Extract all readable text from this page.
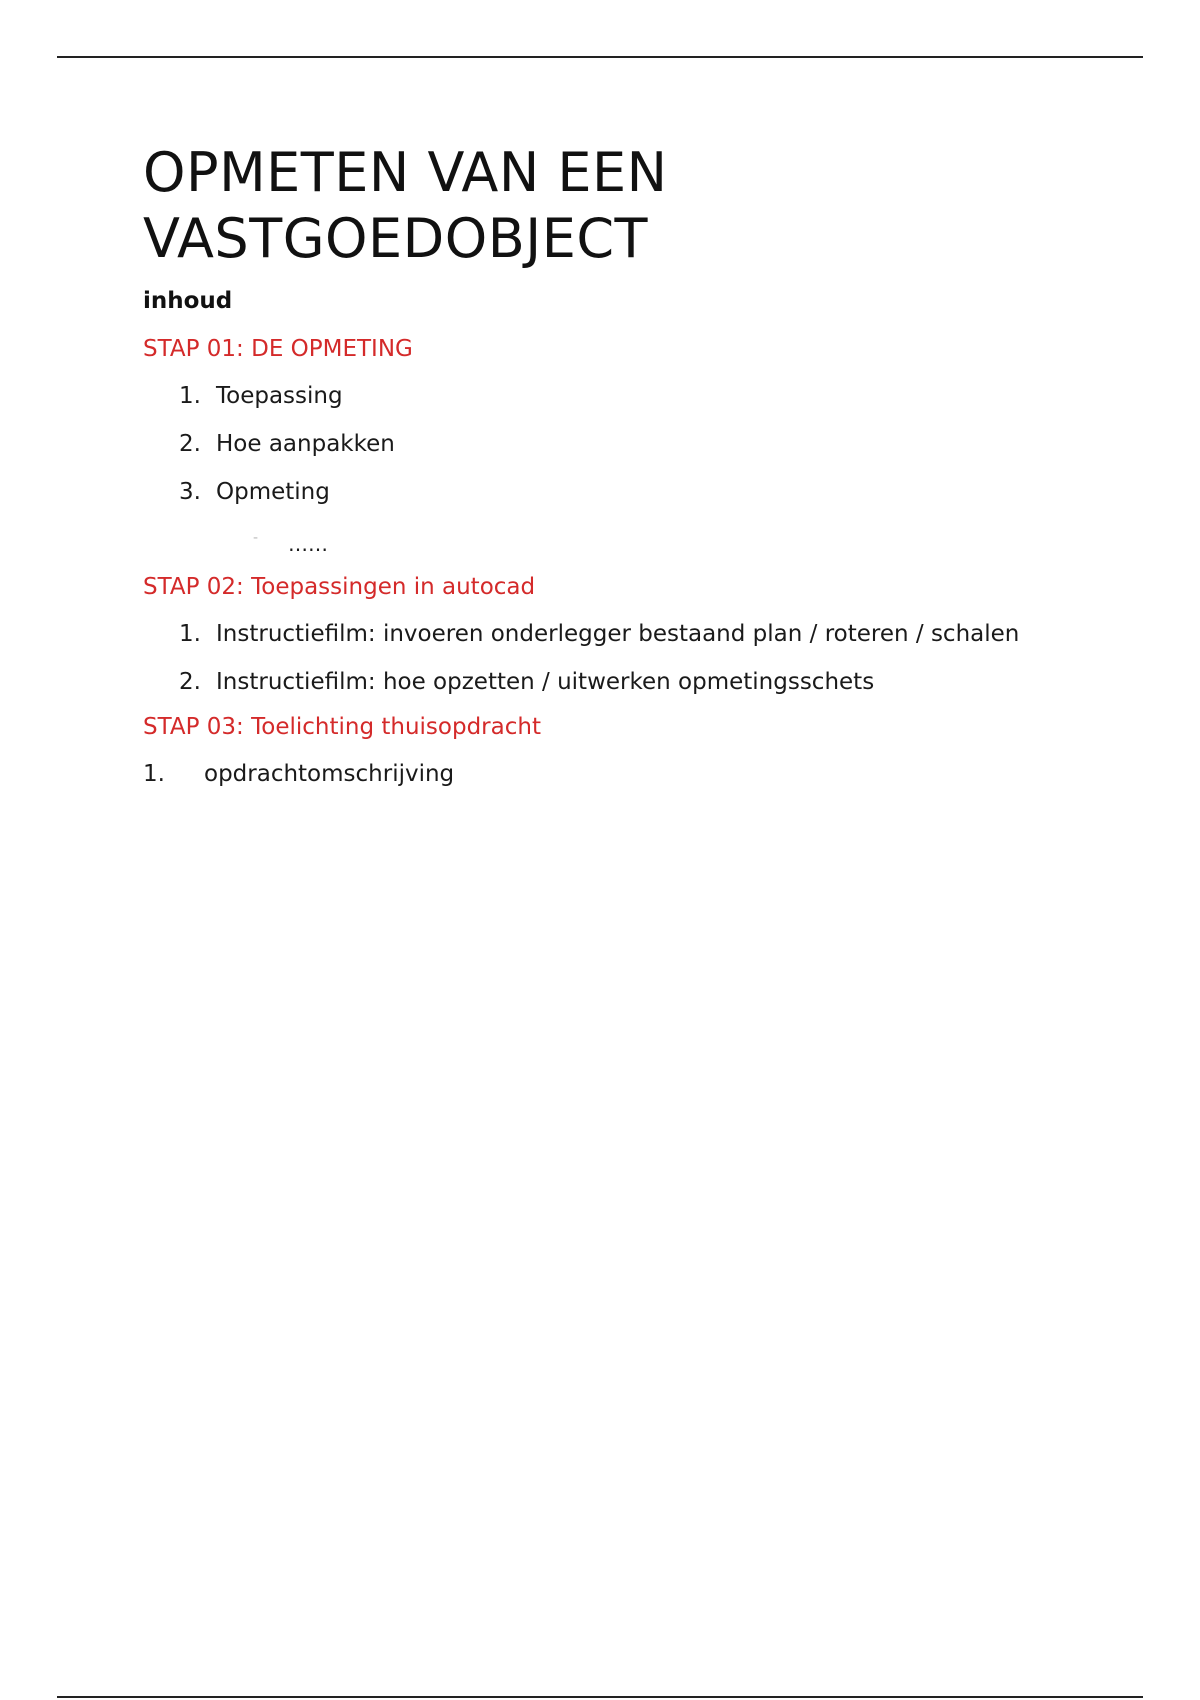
OPMETEN VAN EEN VASTGOEDOBJECT
inhoud
STAP 01: DE OPMETING
1. Toepassing
2. Hoe aanpakken
3. Opmeting
- ……
STAP 02: Toepassingen in autocad
1. Instructiefilm: invoeren onderlegger bestaand plan / roteren / schalen
2. Instructiefilm: hoe opzetten / uitwerken opmetingsschets
STAP 03: Toelichting thuisopdracht
1. opdrachtomschrijving
